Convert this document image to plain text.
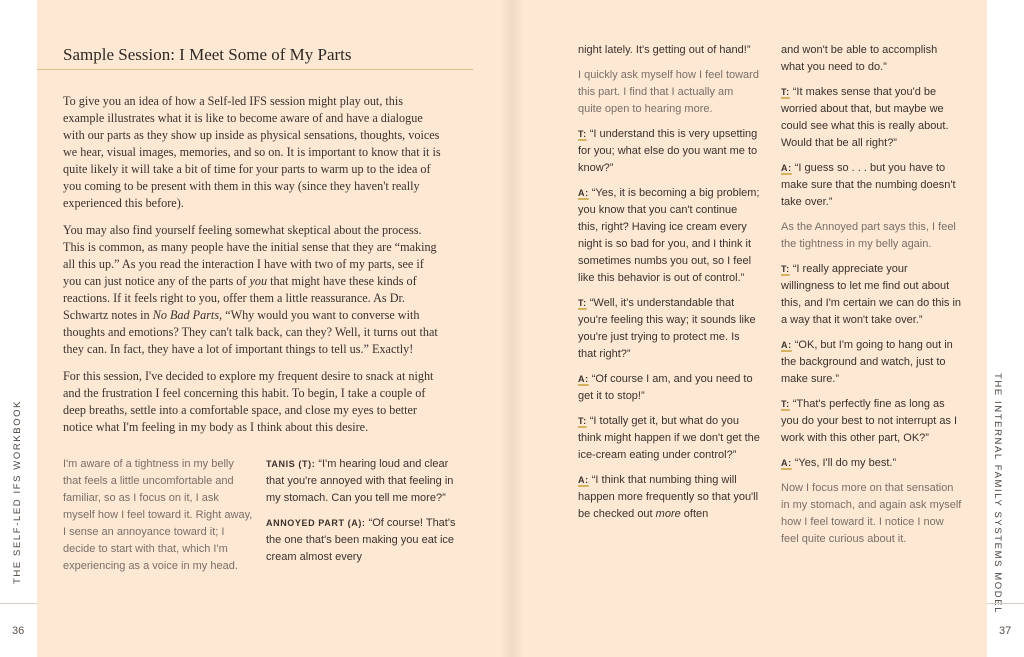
THE SELF-LED IFS WORKBOOK	THE INTERNAL FAMILY SYSTEMS MODEL
36	37
Sample Session: I Meet Some of My Parts

To give you an idea of how a Self-led IFS session might play out, this example illustrates what it is like to become aware of and have a dialogue with our parts as they show up inside as physical sensations, thoughts, voices we hear, visual images, memories, and so on. It is important to know that it is quite likely it will take a bit of time for your parts to warm up to the idea of you coming to be present with them in this way (since they haven't really experienced this before).

You may also find yourself feeling somewhat skeptical about the process. This is common, as many people have the initial sense that they are “making all this up.” As you read the interaction I have with two of my parts, see if you can just notice any of the parts of you that might have these kinds of reactions. If it feels right to you, offer them a little reassurance. As Dr. Schwartz notes in No Bad Parts, “Why would you want to converse with thoughts and emotions? They can't talk back, can they? Well, it turns out that they can. In fact, they have a lot of important things to tell us.” Exactly!

For this session, I've decided to explore my frequent desire to snack at night and the frustration I feel concerning this habit. To begin, I take a couple of deep breaths, settle into a comfortable space, and close my eyes to better notice what I'm feeling in my body as I think about this desire.

I'm aware of a tightness in my belly that feels a little uncomfortable and familiar, so as I focus on it, I ask myself how I feel toward it. Right away, I sense an annoyance toward it; I decide to start with that, which I'm experiencing as a voice in my head.

TANIS (T): “I'm hearing loud and clear that you're annoyed with that feeling in my stomach. Can you tell me more?”

ANNOYED PART (A): “Of course! That's the one that's been making you eat ice cream almost every

night lately. It's getting out of hand!”

I quickly ask myself how I feel toward this part. I find that I actually am quite open to hearing more.

T: “I understand this is very upsetting for you; what else do you want me to know?”

A: “Yes, it is becoming a big problem; you know that you can't continue this, right? Having ice cream every night is so bad for you, and I think it sometimes numbs you out, so I feel like this behavior is out of control.”

T: “Well, it's understandable that you're feeling this way; it sounds like you're just trying to protect me. Is that right?”

A: “Of course I am, and you need to get it to stop!”

T: “I totally get it, but what do you think might happen if we don't get the ice-cream eating under control?”

A: “I think that numbing thing will happen more frequently so that you'll be checked out more often

and won't be able to accomplish what you need to do.”

T: “It makes sense that you'd be worried about that, but maybe we could see what this is really about. Would that be all right?”

A: “I guess so . . . but you have to make sure that the numbing doesn't take over.”

As the Annoyed part says this, I feel the tightness in my belly again.

T: “I really appreciate your willingness to let me find out about this, and I'm certain we can do this in a way that it won't take over.”

A: “OK, but I'm going to hang out in the background and watch, just to make sure.”

T: “That's perfectly fine as long as you do your best to not interrupt as I work with this other part, OK?”

A: “Yes, I'll do my best.”

Now I focus more on that sensation in my stomach, and again ask myself how I feel toward it. I notice I now feel quite curious about it.
